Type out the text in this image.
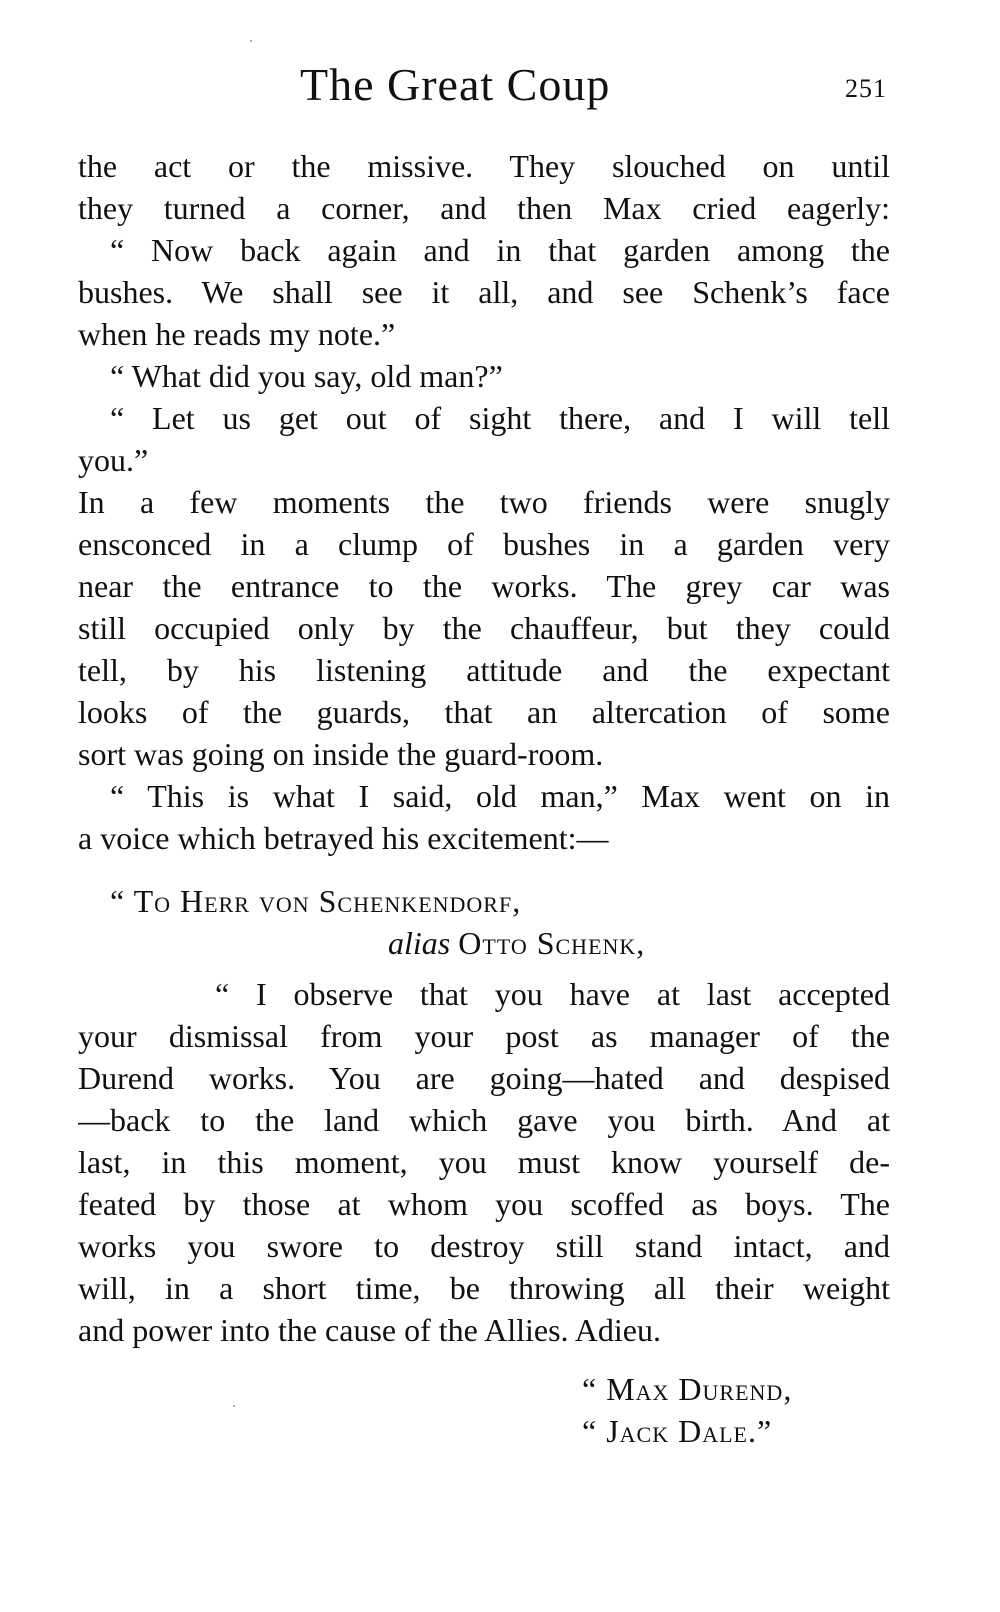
The Great Coup	251
the act or the missive. They slouched on until
they turned a corner, and then Max cried eagerly:
“ Now back again and in that garden among the
bushes. We shall see it all, and see Schenk’s face
when he reads my note.”
“ What did you say, old man?”
“ Let us get out of sight there, and I will tell
you.”
In a few moments the two friends were snugly
ensconced in a clump of bushes in a garden very
near the entrance to the works. The grey car was
still occupied only by the chauffeur, but they could
tell, by his listening attitude and the expectant
looks of the guards, that an altercation of some
sort was going on inside the guard-room.
“ This is what I said, old man,” Max went on in
a voice which betrayed his excitement:—
“ To Herr von Schenkendorf,
alias Otto Schenk,
“ I observe that you have at last accepted
your dismissal from your post as manager of the
Durend works. You are going—hated and despised
—back to the land which gave you birth. And at
last, in this moment, you must know yourself de-
feated by those at whom you scoffed as boys. The
works you swore to destroy still stand intact, and
will, in a short time, be throwing all their weight
and power into the cause of the Allies. Adieu.
“ Max Durend,
“ Jack Dale.”
